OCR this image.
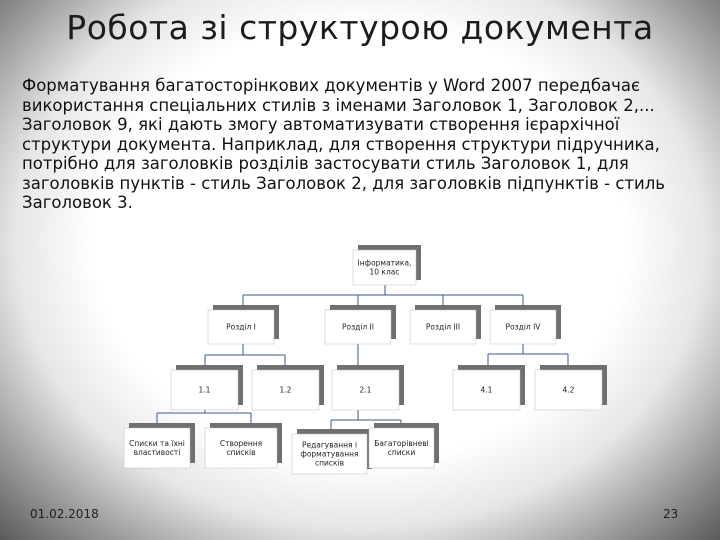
Робота зі структурою документа

Форматування багатосторінкових документів у Word 2007 передбачає використання спеціальних стилів з іменами Заголовок 1, Заголовок 2,... Заголовок 9, які дають змогу автоматизувати створення ієрархічної структури документа. Наприклад, для створення структури підручника, потрібно для заголовків розділів застосувати стиль Заголовок 1, для заголовків пунктів - стиль Заголовок 2, для заголовків підпунктів - стиль Заголовок 3.

Інформатика,
10 клас
Розділ І	Розділ ІІ	Розділ ІІІ	Розділ ІV
1.1	1.2	2.1	4.1	4.2
Списки та їхні
властивості
Створення
списків
Редагування і
форматування
списків
Багаторівневі
списки
01.02.2018	23
